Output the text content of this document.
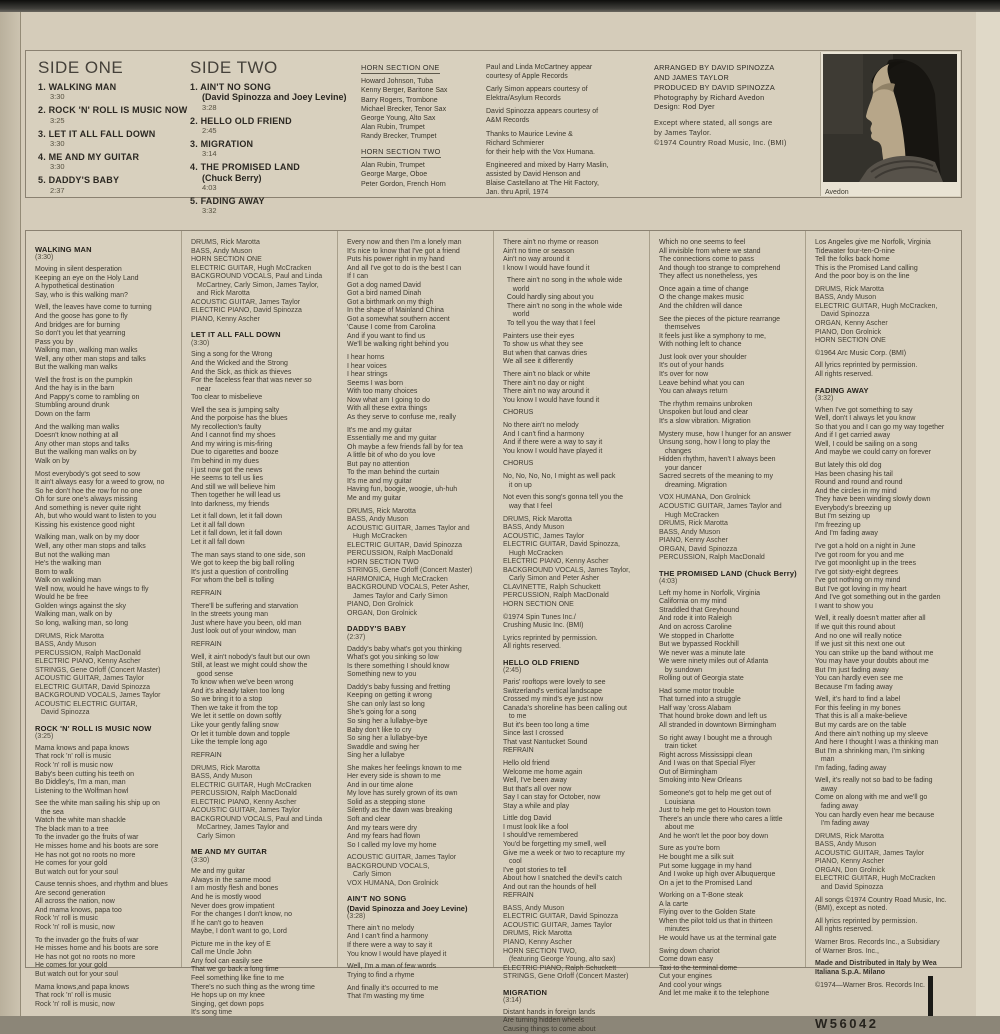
SIDE ONE
1. WALKING MAN
3:30
2. ROCK 'N' ROLL IS MUSIC NOW
3:25
3. LET IT ALL FALL DOWN
3:30
4. ME AND MY GUITAR
3:30
5. DADDY'S BABY
2:37
SIDE TWO
1. AIN'T NO SONG
(David Spinozza and Joey Levine)
3:28
2. HELLO OLD FRIEND
2:45
3. MIGRATION
3:14
4. THE PROMISED LAND
(Chuck Berry)
4:03
5. FADING AWAY
3:32
HORN SECTION ONE
Howard Johnson, Tuba
Kenny Berger, Baritone Sax
Barry Rogers, Trombone
Michael Brecker, Tenor Sax
George Young, Alto Sax
Alan Rubin, Trumpet
Randy Brecker, Trumpet
HORN SECTION TWO
Alan Rubin, Trumpet
George Marge, Oboe
Peter Gordon, French Horn
Paul and Linda McCartney appear
courtesy of Apple Records
Carly Simon appears courtesy of
Elektra/Asylum Records
David Spinozza appears courtesy of
A&M Records
Thanks to Maurice Levine &
Richard Schmierer
for their help with the Vox Humana.
Engineered and mixed by Harry Maslin,
assisted by David Henson and
Blaise Castellano at The Hit Factory,
Jan. thru April, 1974
ARRANGED BY DAVID SPINOZZA
AND JAMES TAYLOR
PRODUCED BY DAVID SPINOZZA
Photography by Richard Avedon
Design: Rod Dyer
Except where stated, all songs are
by James Taylor.
©1974 Country Road Music, Inc. (BMI)
Avedon
WALKING MAN
(3:30)
Moving in silent desperation
Keeping an eye on the Holy Land
A hypothetical destination
Say, who is this walking man?
Well, the leaves have come to turning
And the goose has gone to fly
And bridges are for burning
So don't you let that yearning
Pass you by
Walking man, walking man walks
Well, any other man stops and talks
But the walking man walks
Well the frost is on the pumpkin
And the hay is in the barn
And Pappy's come to rambling on
Stumbling around drunk
Down on the farm
And the walking man walks
Doesn't know nothing at all
Any other man stops and talks
But the walking man walks on by
Walk on by
Most everybody's got seed to sow
It ain't always easy for a weed to grow, no
So he don't hoe the row for no one
Oh for sure one's always missing
And something is never quite right
Ah, but who would want to listen to you
Kissing his existence good night
Walking man, walk on by my door
Well, any other man stops and talks
But not the walking man
He's the walking man
Born to walk
Walk on walking man
Well now, would he have wings to fly
Would he be free
Golden wings against the sky
Walking man, walk on by
So long, walking man, so long
DRUMS, Rick Marotta
BASS, Andy Muson
PERCUSSION, Ralph MacDonald
ELECTRIC PIANO, Kenny Ascher
STRINGS, Gene Orloff (Concert Master)
ACOUSTIC GUITAR, James Taylor
ELECTRIC GUITAR, David Spinozza
BACKGROUND VOCALS, James Taylor
ACOUSTIC ELECTRIC GUITAR,
David Spinozza
ROCK 'N' ROLL IS MUSIC NOW
(3:25)
Mama knows and papa knows
That rock 'n' roll is music
Rock 'n' roll is music now
Baby's been cutting his teeth on
Bo Diddley's, I'm a man, man
Listening to the Wolfman howl
See the white man sailing his ship up on
the sea
Watch the white man shackle
The black man to a tree
To the invader go the fruits of war
He misses home and his boots are sore
He has not got no roots no more
He comes for your gold
But watch out for your soul
Cause tennis shoes, and rhythm and blues
Are second generation
All across the nation, now
And mama knows, papa too
Rock 'n' roll is music
Rock 'n' roll is music, now
To the invader go the fruits of war
He misses home and his boots are sore
He has not got no roots no more
He comes for your gold
But watch out for your soul
Mama knows,and papa knows
That rock 'n' roll is music
Rock 'n' roll is music, now
DRUMS, Rick Marotta
BASS, Andy Muson
HORN SECTION ONE
ELECTRIC GUITAR, Hugh McCracken
BACKGROUND VOCALS, Paul and Linda
McCartney, Carly Simon, James Taylor,
and Rick Marotta
ACOUSTIC GUITAR, James Taylor
ELECTRIC PIANO, David Spinozza
PIANO, Kenny Ascher
LET IT ALL FALL DOWN
(3:30)
Sing a song for the Wrong
And the Wicked and the Strong
And the Sick, as thick as thieves
For the faceless fear that was never so
near
Too clear to misbelieve
Well the sea is jumping salty
And the porpoise has the blues
My recollection's faulty
And I cannot find my shoes
And my wiring is mis-firing
Due to cigarettes and booze
I'm behind in my dues
I just now got the news
He seems to tell us lies
And still we will believe him
Then together he will lead us
Into darkness, my friends
Let it fall down, let it fall down
Let it all fall down
Let it fall down, let it fall down
Let it all fall down
The man says stand to one side, son
We got to keep the big ball rolling
It's just a question of controlling
For whom the bell is tolling
REFRAIN
There'll be suffering and starvation
In the streets young man
Just where have you been, old man
Just look out of your window, man
REFRAIN
Well, it ain't nobody's fault but our own
Still, at least we might could show the
good sense
To know when we've been wrong
And it's already taken too long
So we bring it to a stop
Then we take it from the top
We let it settle on down softly
Like your gently falling snow
Or let it tumble down and topple
Like the temple long ago
REFRAIN
DRUMS, Rick Marotta
BASS, Andy Muson
ELECTRIC GUITAR, Hugh McCracken
PERCUSSION, Ralph MacDonald
ELECTRIC PIANO, Kenny Ascher
ACOUSTIC GUITAR, James Taylor
BACKGROUND VOCALS, Paul and Linda
McCartney, James Taylor and
Carly Simon
ME AND MY GUITAR
(3:30)
Me and my guitar
Always in the same mood
I am mostly flesh and bones
And he is mostly wood
Never does grow impatient
For the changes I don't know, no
If he can't go to heaven
Maybe, I don't want to go, Lord
Picture me in the key of E
Call me Uncle John
Any fool can easily see
That we go back a long time
Feel something like fine to me
There's no such thing as the wrong time
He hops up on my knee
Singing, get down pops
It's song time
Every now and then I'm a lonely man
It's nice to know that I've got a friend
Puts his power right in my hand
And all I've got to do is the best I can
If I can
Got a dog named David
Got a bird named Dinah
Got a birthmark on my thigh
In the shape of Mainland China
Got a somewhat southern accent
'Cause I come from Carolina
And if you want to find us
We'll be walking right behind you
I hear horns
I hear voices
I hear strings
Seems I was born
With too many choices
Now what am I going to do
With all these extra things
As they serve to confuse me, really
It's me and my guitar
Essentially me and my guitar
Oh maybe a few friends fall by for tea
A little bit of who do you love
But pay no attention
To the man behind the curtain
It's me and my guitar
Having fun, boogie, woogie, uh-huh
Me and my guitar
DRUMS, Rick Marotta
BASS, Andy Muson
ACOUSTIC GUITAR, James Taylor and
Hugh McCracken
ELECTRIC GUITAR, David Spinozza
PERCUSSION, Ralph MacDonald
HORN SECTION TWO
STRINGS, Gene Orloff (Concert Master)
HARMONICA, Hugh McCracken
BACKGROUND VOCALS, Peter Asher,
James Taylor and Carly Simon
PIANO, Don Grolnick
ORGAN, Don Grolnick
DADDY'S BABY
(2:37)
Daddy's baby what's got you thinking
What's got you sinking so low
Is there something I should know
Something new to you
Daddy's baby fussing and fretting
Keeping on getting it wrong
She can only last so long
She's going for a song
So sing her a lullabye-bye
Baby don't like to cry
So sing her a lullabye-bye
Swaddle and swing her
Sing her a lullabye
She makes her feelings known to me
Her every side is shown to me
And in our time alone
My love has surely grown of its own
Solid as a stepping stone
Silently as the dawn was breaking
Soft and clear
And my tears were dry
And my fears had flown
So I called my love my home
ACOUSTIC GUITAR, James Taylor
BACKGROUND VOCALS,
Carly Simon
VOX HUMANA, Don Grolnick
AIN'T NO SONG
(David Spinozza and Joey Levine)
(3:28)
There ain't no melody
And I can't find a harmony
If there were a way to say it
You know I would have played it
Well, I'm a man of few words
Trying to find a rhyme
And finally it's occurred to me
That I'm wasting my time
There ain't no rhyme or reason
Ain't no time or season
Ain't no way around it
I know I would have found it
There ain't no song in the whole wide
world
Could hardly sing about you
There ain't no song in the whole wide
world
To tell you the way that I feel
Painters use their eyes
To show us what they see
But when that canvas dries
We all see it differently
There ain't no black or white
There ain't no day or night
There ain't no way around it
You know I would have found it
CHORUS
No there ain't no melody
And I can't find a harmony
And if there were a way to say it
You know I would have played it
CHORUS
No, No, No, No, I might as well pack
it on up
Not even this song's gonna tell you the
way that I feel
DRUMS, Rick Marotta
BASS, Andy Muson
ACOUSTIC, James Taylor
ELECTRIC GUITAR, David Spinozza,
Hugh McCracken
ELECTRIC PIANO, Kenny Ascher
BACKGROUND VOCALS, James Taylor,
Carly Simon and Peter Asher
CLAVINETTE, Ralph Schuckett
PERCUSSION, Ralph MacDonald
HORN SECTION ONE
©1974 Spin Tunes Inc./
Crushing Music Inc. (BMI)
Lyrics reprinted by permission.
All rights reserved.
HELLO OLD FRIEND
(2:45)
Paris' rooftops were lovely to see
Switzerland's vertical landscape
Crossed my mind's eye just now
Canada's shoreline has been calling out
to me
But it's been too long a time
Since last I crossed
That vast Nantucket Sound
REFRAIN
Hello old friend
Welcome me home again
Well, I've been away
But that's all over now
Say I can stay for October, now
Stay a while and play
Little dog David
I must look like a fool
I should've remembered
You'd be forgetting my smell, well
Give me a week or two to recapture my
cool
I've got stories to tell
About how I snatched the devil's catch
And out ran the hounds of hell
REFRAIN
BASS, Andy Muson
ELECTRIC GUITAR, David Spinozza
ACOUSTIC GUITAR, James Taylor
DRUMS, Rick Marotta
PIANO, Kenny Ascher
HORN SECTION TWO,
(featuring George Young, alto sax)
ELECTRIC PIANO, Ralph Schuckett
STRINGS, Gene Orloff (Concert Master)
MIGRATION
(3:14)
Distant hands in foreign lands
Are turning hidden wheels
Causing things to come about
Which no one seems to feel
All invisible from where we stand
The connections come to pass
And though too strange to comprehend
They affect us nonetheless, yes
Once again a time of change
O the change makes music
And the children will dance
See the pieces of the picture rearrange
themselves
It feels just like a symphony to me,
With nothing left to chance
Just look over your shoulder
It's out of your hands
It's over for now
Leave behind what you can
You can always return
The rhythm remains unbroken
Unspoken but loud and clear
It's a slow vibration. Migration
Mystery muse, how I hunger for an answer
Unsung song, how I long to play the
changes
Hidden rhythm, haven't I always been
your dancer
Sacred secrets of the meaning to my
dreaming. Migration
VOX HUMANA, Don Grolnick
ACOUSTIC GUITAR, James Taylor and
Hugh McCracken
DRUMS, Rick Marotta
BASS, Andy Muson
PIANO, Kenny Ascher
ORGAN, David Spinozza
PERCUSSION, Ralph MacDonald
THE PROMISED LAND (Chuck Berry)
(4:03)
Left my home in Norfolk, Virginia
California on my mind
Straddled that Greyhound
And rode it into Raleigh
And on across Caroline
We stopped in Charlotte
But we bypassed Rockhill
We never was a minute late
We were ninety miles out of Atlanta
by sundown
Rolling out of Georgia state
Had some motor trouble
That turned into a struggle
Half way 'cross Alabam
That hound broke down and left us
All stranded in downtown Birmingham
So right away I bought me a through
train ticket
Right across Mississippi clean
And I was on that Special Flyer
Out of Birmingham
Smoking into New Orleans
Someone's got to help me get out of
Louisiana
Just to help me get to Houston town
There's an uncle there who cares a little
about me
And he won't let the poor boy down
Sure as you're born
He bought me a silk suit
Put some luggage in my hand
And I woke up high over Albuquerque
On a jet to the Promised Land
Working on a T-Bone steak
A la carte
Flying over to the Golden State
When the pilot told us that in thirteen
minutes
He would have us at the terminal gate
Swing down chariot
Come down easy
Taxi to the terminal dome
Cut your engines
And cool your wings
And let me make it to the telephone
Los Angeles give me Norfolk, Virginia
Tidewater four-ten-O-nine
Tell the folks back home
This is the Promised Land calling
And the poor boy is on the line
DRUMS, Rick Marotta
BASS, Andy Muson
ELECTRIC GUITAR, Hugh McCracken,
David Spinozza
ORGAN, Kenny Ascher
PIANO, Don Grolnick
HORN SECTION ONE
©1964 Arc Music Corp. (BMI)
All lyrics reprinted by permission.
All rights reserved.
FADING AWAY
(3:32)
When I've got something to say
Well, don't I always let you know
So that you and I can go my way together
And if I get carried away
Well, I could be sailing on a song
And maybe we could carry on forever
But lately this old dog
Has been chasing his tail
Round and round and round
And the circles in my mind
They have been winding slowly down
Everybody's breezing up
But I'm seizing up
I'm freezing up
And I'm fading away
I've got a hold on a night in June
I've got room for you and me
I've got moonlight up in the trees
I've got sixty-eight degrees
I've got nothing on my mind
But I've got loving in my heart
And I've got something out in the garden
I want to show you
Well, it really doesn't matter after all
If we quit this round about
And no one will really notice
If we just sit this next one out
You can strike up the band without me
You may have your doubts about me
But I'm just fading away
You can hardly even see me
Because I'm fading away
Well, it's hard to find a label
For this feeling in my bones
That this is all a make-believe
But my cards are on the table
And there ain't nothing up my sleeve
And here I thought I was a thinking man
But I'm a shrinking man, I'm sinking
man
I'm fading, fading away
Well, it's really not so bad to be fading
away
Come on along with me and we'll go
fading away
You can hardly even hear me because
I'm fading away
DRUMS, Rick Marotta
BASS, Andy Muson
ACOUSTIC GUITAR, James Taylor
PIANO, Kenny Ascher
ORGAN, Don Grolnick
ELECTRIC GUITAR, Hugh McCracken
and David Spinozza
All songs ©1974 Country Road Music, Inc.
(BMI), except as noted.
All lyrics reprinted by permission.
All rights reserved.
Warner Bros. Records Inc., a Subsidiary
of Warner Bros. Inc.,
Made and Distributed in Italy by Wea
Italiana S.p.A. Milano
©1974—Warner Bros. Records Inc.
W56042
